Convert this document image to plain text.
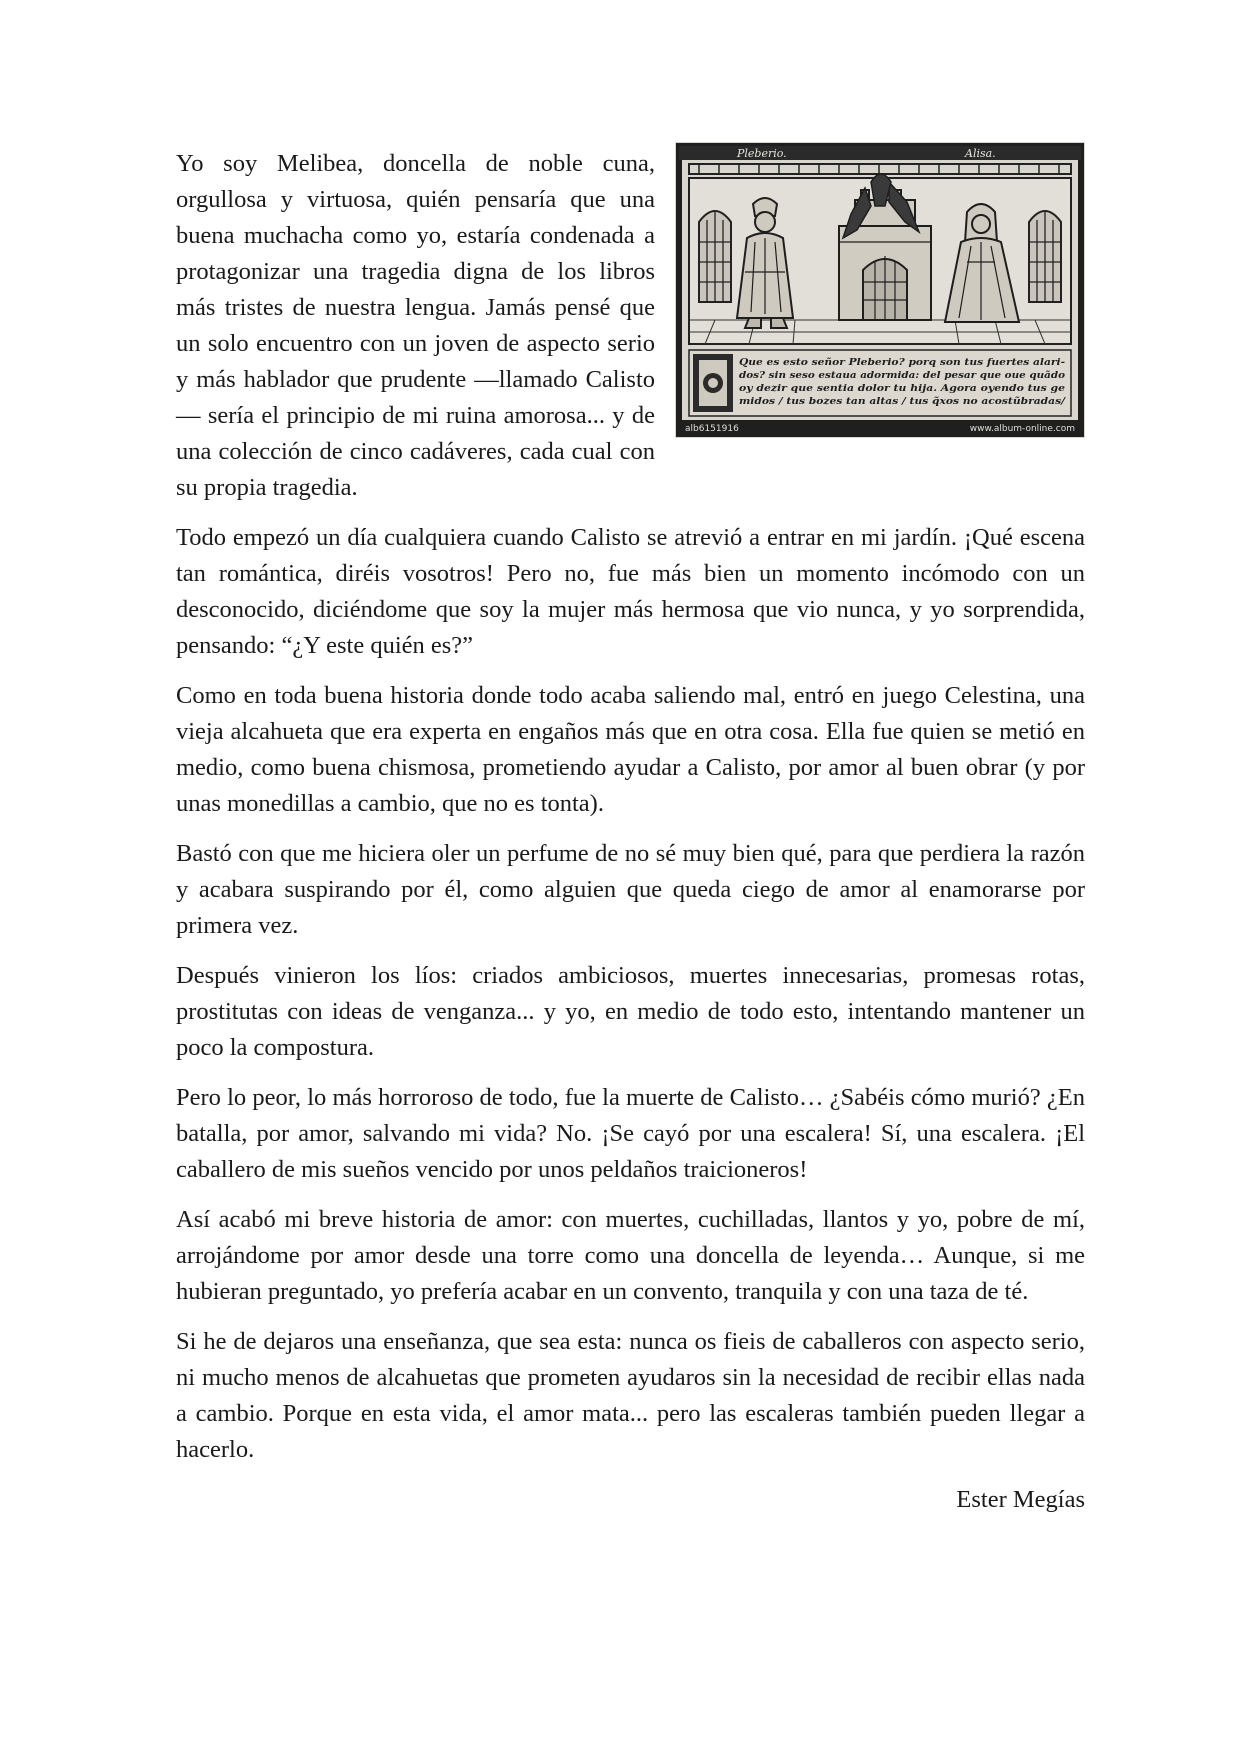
Pleberio.	Alisa.
Que es esto señor Pleberio? porq son tus fuertes alari-
dos? sin seso estaua adormida: del pesar que oue quãdo
oy dezir que sentia dolor tu hija. Agora oyendo tus ge
midos / tus bozes tan altas / tus q̃xos no acostũbradas/
alb6151916	www.album-online.com

Yo soy Melibea, doncella de noble cuna, orgullosa y virtuosa, quién pensaría que una buena muchacha como yo, estaría condenada a protagonizar una tragedia digna de los libros más tristes de nuestra lengua. Jamás pensé que un solo encuentro con un joven de aspecto serio y más hablador que prudente —llamado Calisto— sería el principio de mi ruina amorosa... y de una colección de cinco cadáveres, cada cual con su propia tragedia.

Todo empezó un día cualquiera cuando Calisto se atrevió a entrar en mi jardín. ¡Qué escena tan romántica, diréis vosotros! Pero no, fue más bien un momento incómodo con un desconocido, diciéndome que soy la mujer más hermosa que vio nunca, y yo sorprendida, pensando: “¿Y este quién es?”

Como en toda buena historia donde todo acaba saliendo mal, entró en juego Celestina, una vieja alcahueta que era experta en engaños más que en otra cosa. Ella fue quien se metió en medio, como buena chismosa, prometiendo ayudar a Calisto, por amor al buen obrar (y por unas monedillas a cambio, que no es tonta).

Bastó con que me hiciera oler un perfume de no sé muy bien qué, para que perdiera la razón y acabara suspirando por él, como alguien que queda ciego de amor al enamorarse por primera vez.

Después vinieron los líos: criados ambiciosos, muertes innecesarias, promesas rotas, prostitutas con ideas de venganza... y yo, en medio de todo esto, intentando mantener un poco la compostura.

Pero lo peor, lo más horroroso de todo, fue la muerte de Calisto… ¿Sabéis cómo murió? ¿En batalla, por amor, salvando mi vida? No. ¡Se cayó por una escalera! Sí, una escalera. ¡El caballero de mis sueños vencido por unos peldaños traicioneros!

Así acabó mi breve historia de amor: con muertes, cuchilladas, llantos y yo, pobre de mí, arrojándome por amor desde una torre como una doncella de leyenda… Aunque, si me hubieran preguntado, yo prefería acabar en un convento, tranquila y con una taza de té.

Si he de dejaros una enseñanza, que sea esta: nunca os fieis de caballeros con aspecto serio, ni mucho menos de alcahuetas que prometen ayudaros sin la necesidad de recibir ellas nada a cambio. Porque en esta vida, el amor mata... pero las escaleras también pueden llegar a hacerlo.

Ester Megías
